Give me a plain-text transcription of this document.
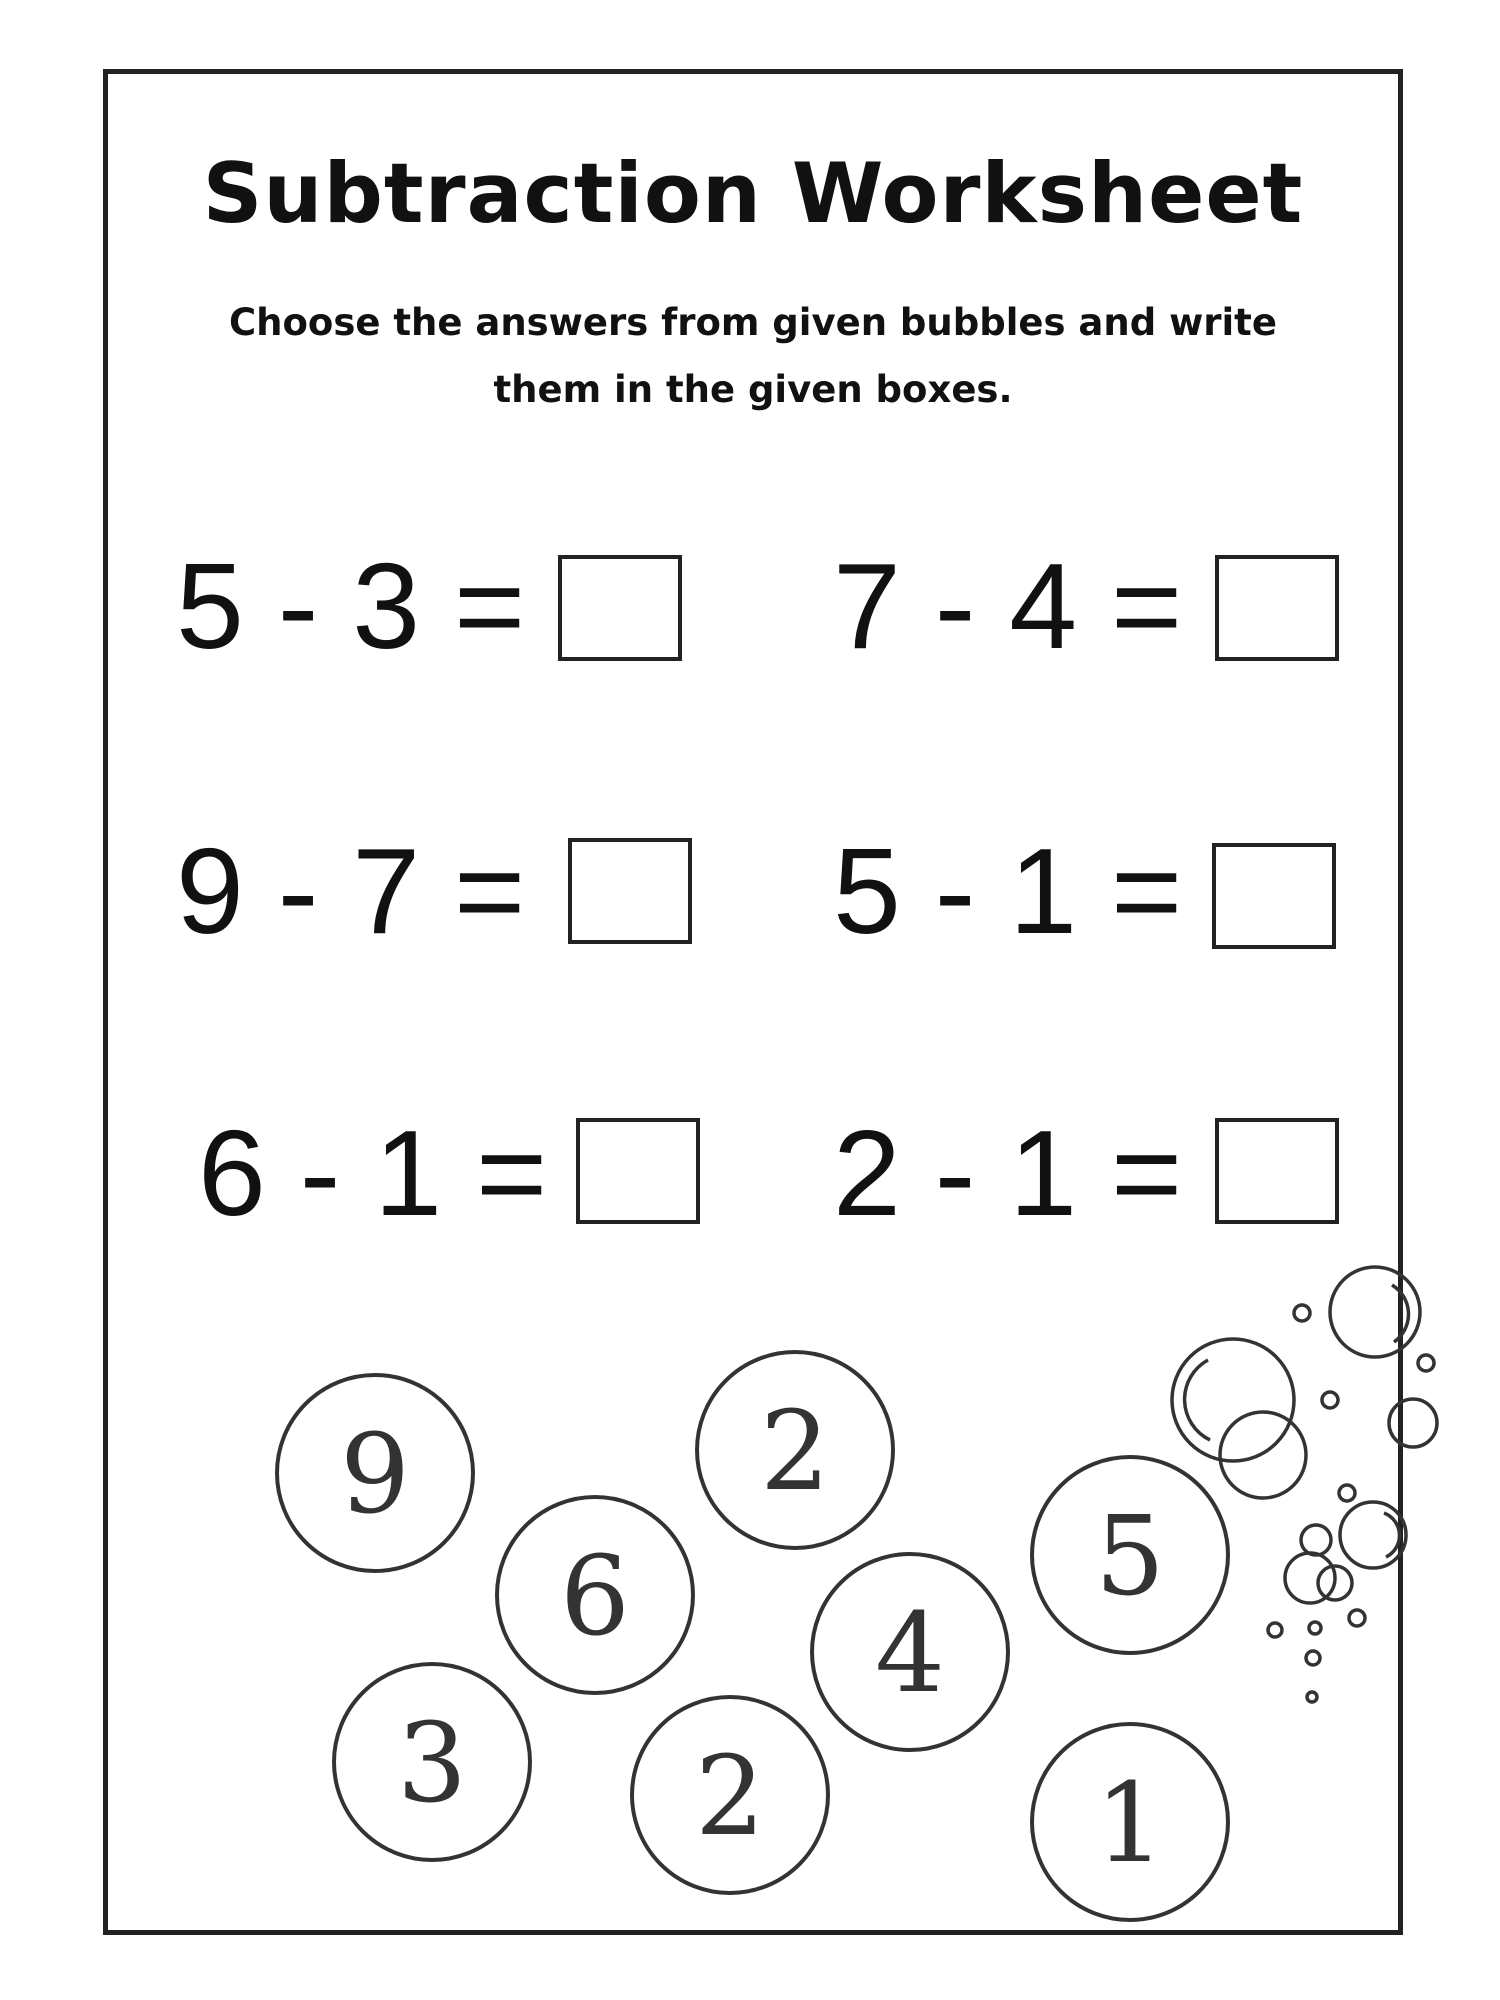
Subtraction Worksheet
Choose the answers from given bubbles and write
them in the given boxes.
5 - 3 =	7 - 4 =
9 - 7 =	5 - 1 =
6 - 1 = 2 - 1 =
9	2
6	5
4
3 2	1
